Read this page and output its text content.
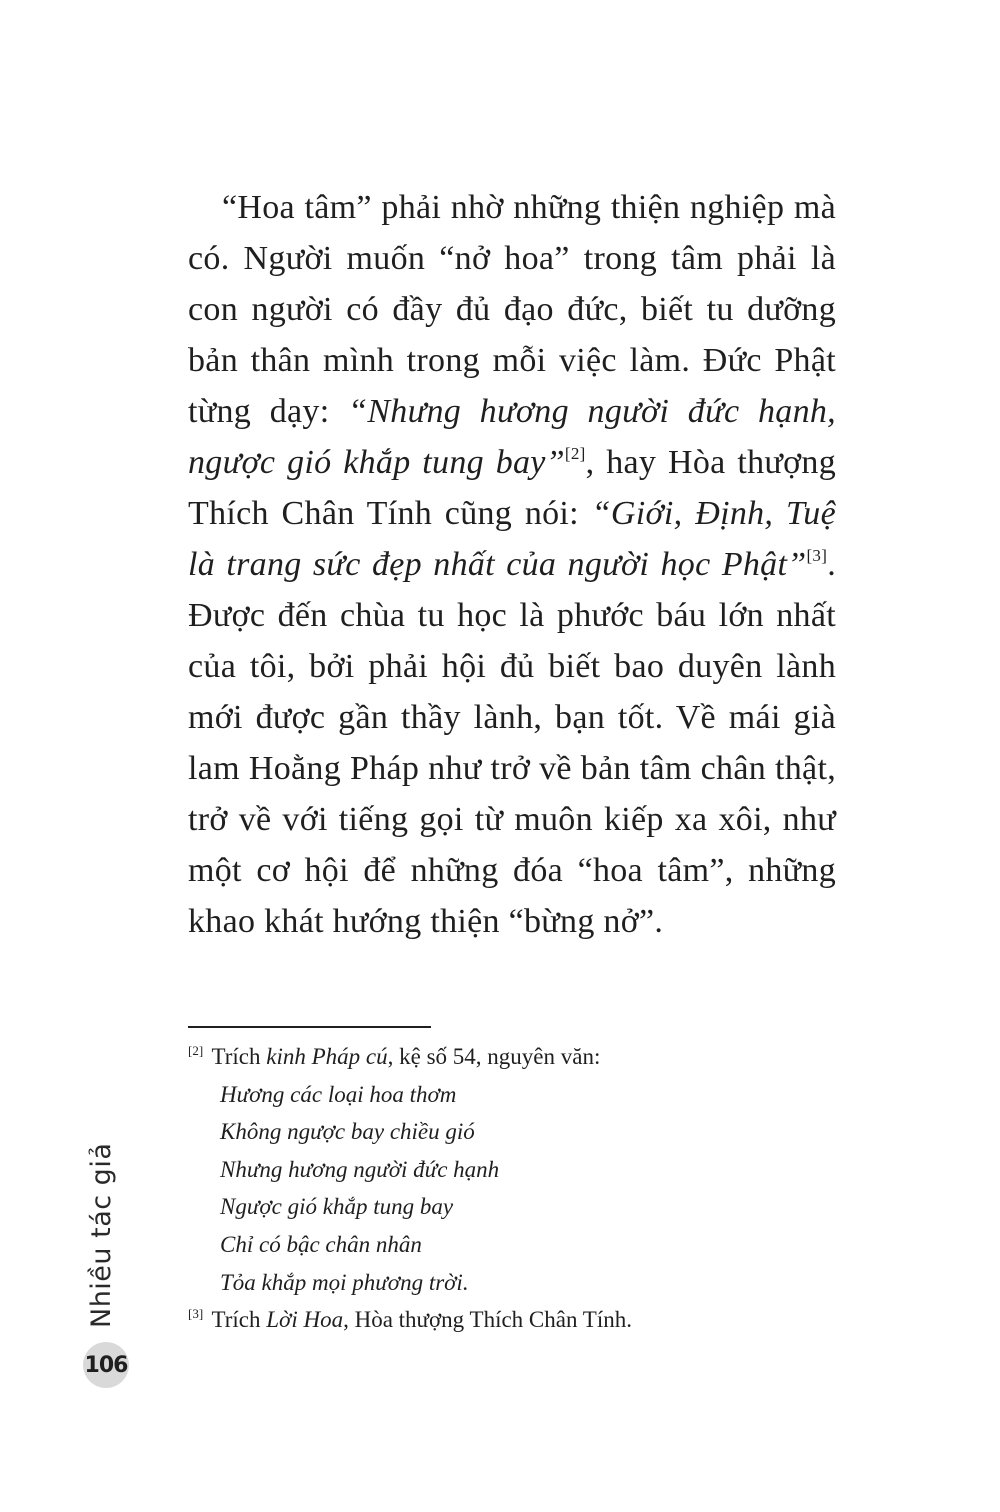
“Hoa tâm” phải nhờ những thiện nghiệp mà có. Người muốn “nở hoa” trong tâm phải là con người có đầy đủ đạo đức, biết tu dưỡng bản thân mình trong mỗi việc làm. Đức Phật từng dạy: “Nhưng hương người đức hạnh, ngược gió khắp tung bay”[2], hay Hòa thượng Thích Chân Tính cũng nói: “Giới, Định, Tuệ là trang sức đẹp nhất của người học Phật”[3]. Được đến chùa tu học là phước báu lớn nhất của tôi, bởi phải hội đủ biết bao duyên lành mới được gần thầy lành, bạn tốt. Về mái già lam Hoằng Pháp như trở về bản tâm chân thật, trở về với tiếng gọi từ muôn kiếp xa xôi, như một cơ hội để những đóa “hoa tâm”, những khao khát hướng thiện “bừng nở”.

[2] Trích kinh Pháp cú, kệ số 54, nguyên văn:

Hương các loại hoa thơm

Không ngược bay chiều gió

Nhưng hương người đức hạnh

Ngược gió khắp tung bay

Chỉ có bậc chân nhân

Tỏa khắp mọi phương trời.

[3] Trích Lời Hoa, Hòa thượng Thích Chân Tính.

Nhiều tác giả
106
